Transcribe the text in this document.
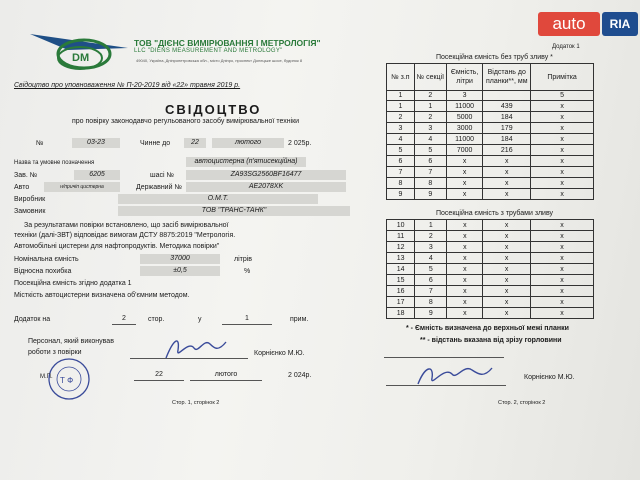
DM
ТОВ "ДІЄНС ВИМІРЮВАННЯ І МЕТРОЛОГІЯ"
LLC "DIENS MEASUREMENT AND METROLOGY"
49040, Україна, Дніпропетровська обл., місто Дніпро, проспект Донецьке шосе, будинок 8
Свідоцтво про уповноваження № П-20-2019 від «22» травня 2019 р.
СВІДОЦТВО
про повірку законодавчо регульованого засобу вимірювальної техніки
№	03-23	Чинне до	22	лютого	2 025р.
Назва та умовне позначення	автоцистерна (п'ятисекційна)
Зав. №	6205	шасі №	ZA93SG2560BF16477
Авто	н/причіп цистерна	Державний №	AE2078XK
Виробник	О.М.Т.
Замовник	ТОВ "ТРАНС-ТАНК"
За результатами повірки встановлено, що засіб вимірювальної
техніки (далі-ЗВТ) відповідає вимогам ДСТУ 8875:2019 "Метрологія.
Автомобільні цистерни для нафтопродуктів. Методика повірки"
Номінальна ємність	37000	літрів
Відносна похибка	±0,5	%
Посекційна ємність згідно додатка 1
Місткість автоцистерни визначена об'ємним методом.
Додаток на	2	стор.	у	1	прим.
Персонал, який виконував
роботи з повірки	Корнієнко М.Ю.
Т Ф
М.П.	22	лютого	2 024р.
Стор. 1, сторінок 2
Додаток 1
Посекційна ємність без труб зливу *
№ з.п	№ секції	Ємність, літри	Відстань до планки**, мм	Примітка
1	2	3		5
1	1	11000	439	x
2	2	5000	184	x
3	3	3000	179	x
4	4	11000	184	x
5	5	7000	216	x
6	6	x	x	x
7	7	x	x	x
8	8	x	x	x
9	9	x	x	x
Посекційна ємність з трубами зливу
10	1	x	x	x
11	2	x	x	x
12	3	x	x	x
13	4	x	x	x
14	5	x	x	x
15	6	x	x	x
16	7	x	x	x
17	8	x	x	x
18	9	x	x	x
* - Ємність визначена до верхньої межі планки
** - відстань вказана від зрізу горловини
Корнієнко М.Ю.
Стор. 2, сторінок 2
auto	RIA
